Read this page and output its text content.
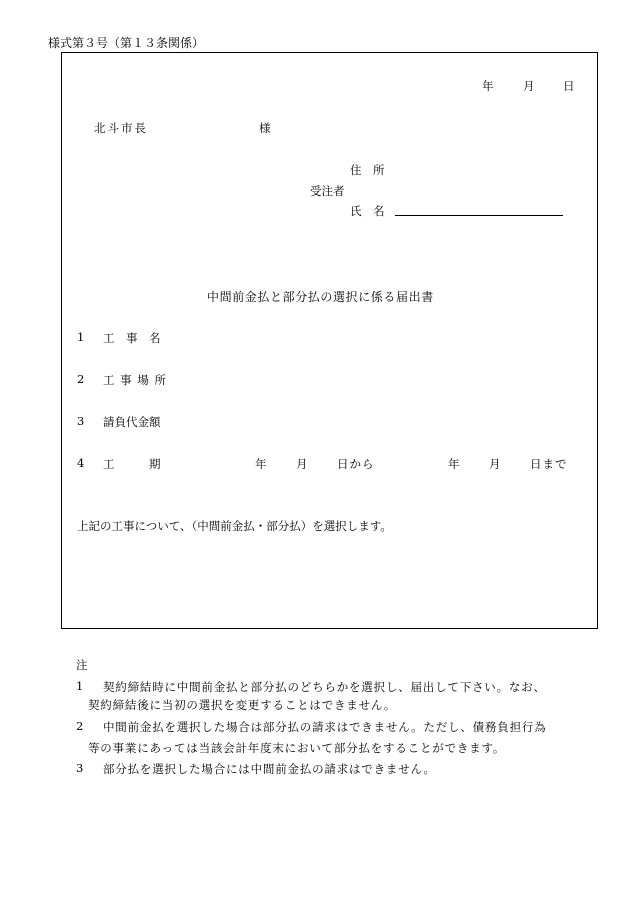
様式第３号（第１３条関係）
年	月 日
北斗市長	様
住　所
受注者
氏　名
中間前金払と部分払の選択に係る届出書
1 工　事　名
2 工 事 場 所
3 請負代金額
4 工　　　期	年	月	日から	年	月	日まで
上記の工事について、（中間前金払・部分払）を選択します。
注
1 契約締結時に中間前金払と部分払のどちらかを選択し、届出して下さい。なお、
契約締結後に当初の選択を変更することはできません。
2 中間前金払を選択した場合は部分払の請求はできません。ただし、債務負担行為
等の事業にあっては当該会計年度末において部分払をすることができます。
3 部分払を選択した場合には中間前金払の請求はできません。
